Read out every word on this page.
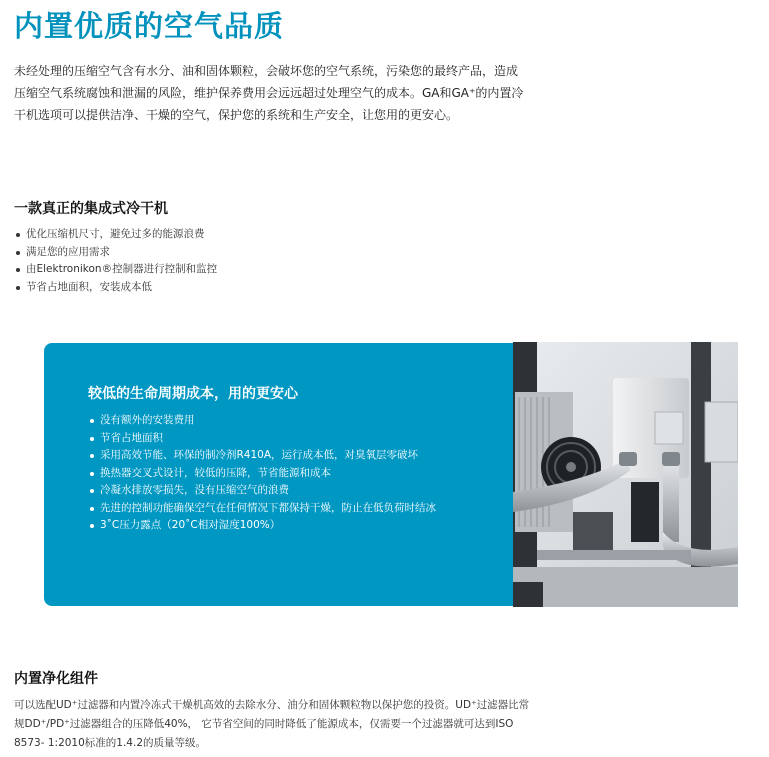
内置优质的空气品质

未经处理的压缩空气含有水分、油和固体颗粒，会破坏您的空气系统，污染您的最终产品，造成压缩空气系统腐蚀和泄漏的风险，维护保养费用会远远超过处理空气的成本。GA和GA⁺的内置冷干机选项可以提供洁净、干燥的空气，保护您的系统和生产安全，让您用的更安心。

一款真正的集成式冷干机
优化压缩机尺寸，避免过多的能源浪费
满足您的应用需求
由Elektronikon®控制器进行控制和监控
节省占地面积，安装成本低
较低的生命周期成本，用的更安心
没有额外的安装费用
节省占地面积
采用高效节能、环保的制冷剂R410A，运行成本低，对臭氧层零破坏
换热器交叉式设计，较低的压降，节省能源和成本
冷凝水排放零损失，没有压缩空气的浪费
先进的控制功能确保空气在任何情况下都保持干燥，防止在低负荷时结冰
3˚C压力露点（20˚C相对湿度100%）
内置净化组件

可以选配UD⁺过滤器和内置冷冻式干燥机高效的去除水分、油分和固体颗粒物以保护您的投资。UD⁺过滤器比常规DD⁺/PD⁺过滤器组合的压降低40%， 它节省空间的同时降低了能源成本，仅需要一个过滤器就可达到ISO 8573- 1:2010标准的1.4.2的质量等级。
